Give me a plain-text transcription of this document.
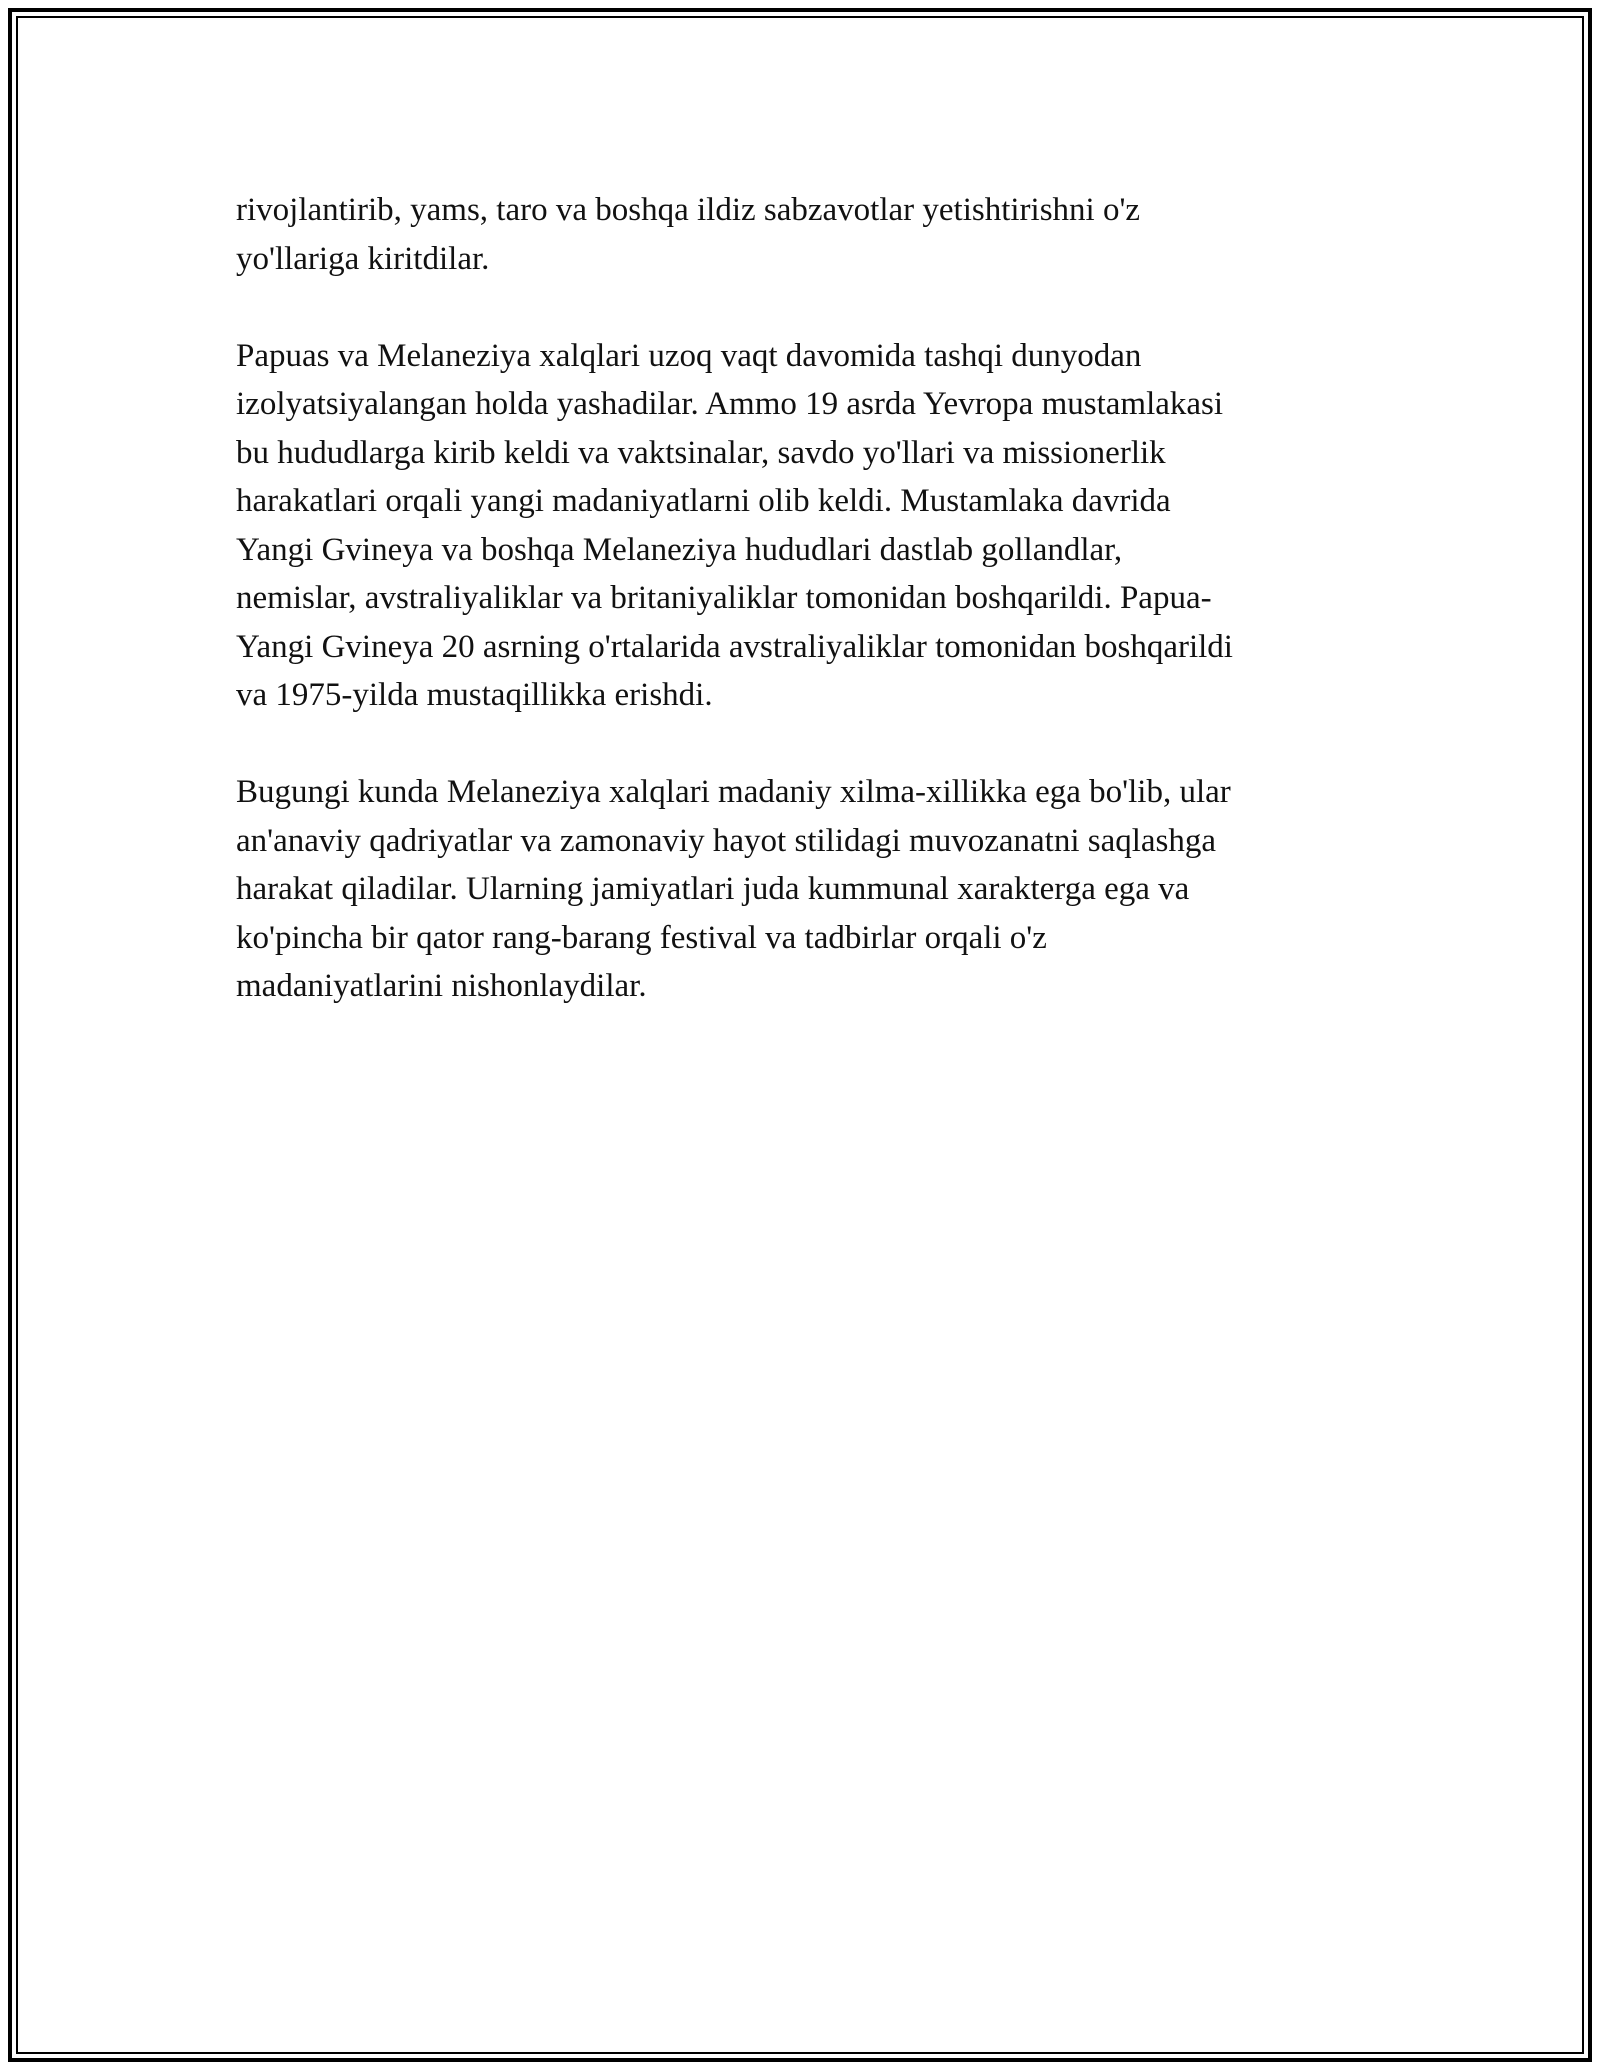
rivojlantirib, yams, taro va boshqa ildiz sabzavotlar yetishtirishni o'z
yo'llariga kiritdilar.

Papuas va Melaneziya xalqlari uzoq vaqt davomida tashqi dunyodan
izolyatsiyalangan holda yashadilar. Ammo 19 asrda Yevropa mustamlakasi
bu hududlarga kirib keldi va vaktsinalar, savdo yo'llari va missionerlik
harakatlari orqali yangi madaniyatlarni olib keldi. Mustamlaka davrida
Yangi Gvineya va boshqa Melaneziya hududlari dastlab gollandlar,
nemislar, avstraliyaliklar va britaniyaliklar tomonidan boshqarildi. Papua-
Yangi Gvineya 20 asrning o'rtalarida avstraliyaliklar tomonidan boshqarildi
va 1975-yilda mustaqillikka erishdi.

Bugungi kunda Melaneziya xalqlari madaniy xilma-xillikka ega bo'lib, ular
an'anaviy qadriyatlar va zamonaviy hayot stilidagi muvozanatni saqlashga
harakat qiladilar. Ularning jamiyatlari juda kummunal xarakterga ega va
ko'pincha bir qator rang-barang festival va tadbirlar orqali o'z
madaniyatlarini nishonlaydilar.
